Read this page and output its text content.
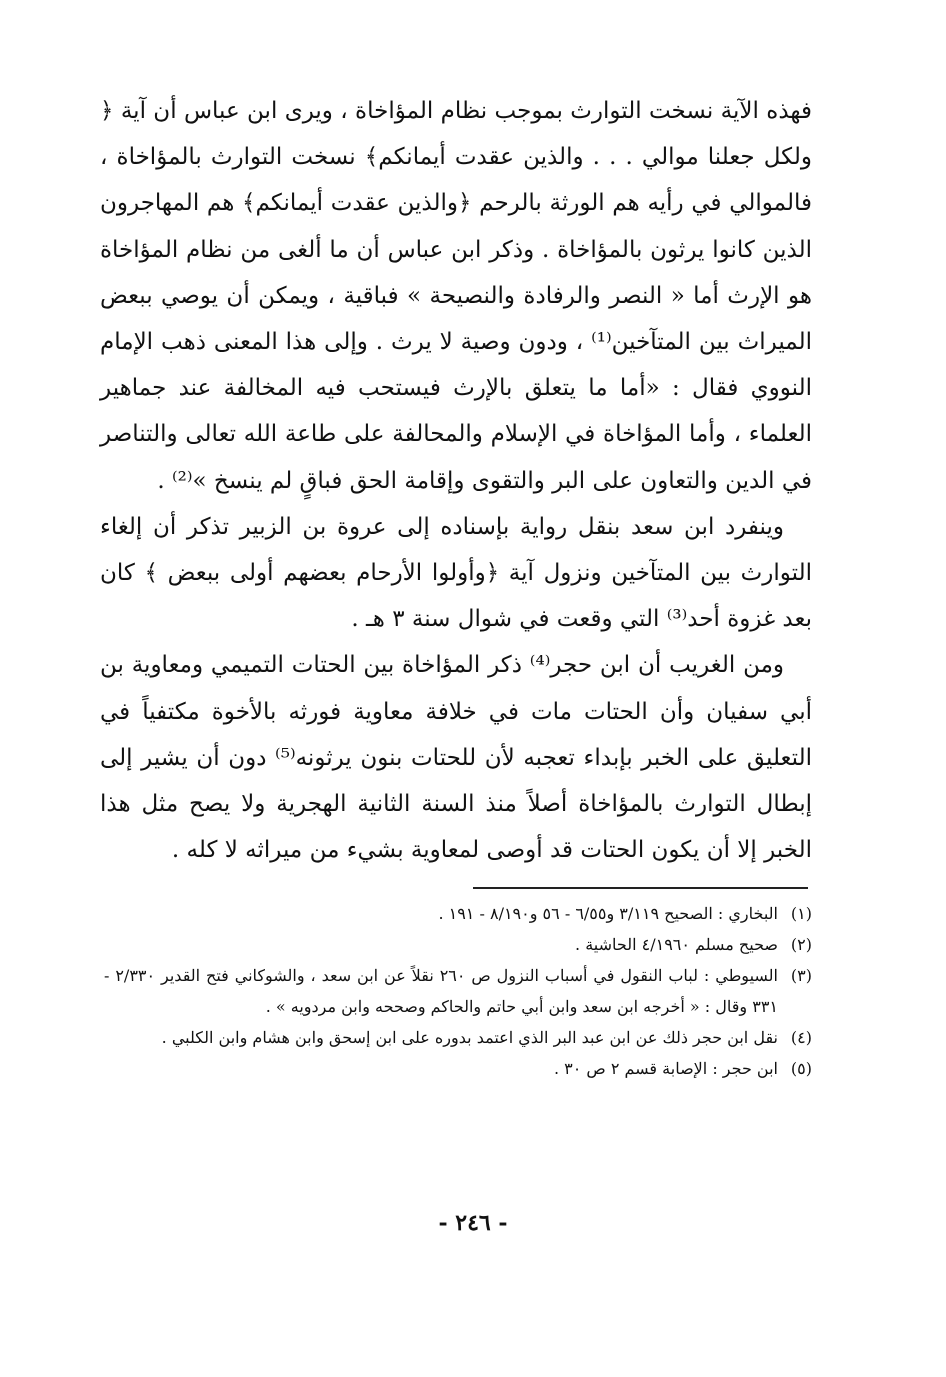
فهذه الآية نسخت التوارث بموجب نظام المؤاخاة ، ويرى ابن عباس أن آية ﴿ ولكل جعلنا موالي . . . والذين عقدت أيمانكم﴾ نسخت التوارث بالمؤاخاة ، فالموالي في رأيه هم الورثة بالرحم ﴿والذين عقدت أيمانكم﴾ هم المهاجرون الذين كانوا يرثون بالمؤاخاة . وذكر ابن عباس أن ما ألغى من نظام المؤاخاة هو الإرث أما « النصر والرفادة والنصيحة » فباقية ، ويمكن أن يوصي ببعض الميراث بين المتآخين⁽¹⁾ ، ودون وصية لا يرث . وإلى هذا المعنى ذهب الإمام النووي فقال : «أما ما يتعلق بالإرث فيستحب فيه المخالفة عند جماهير العلماء ، وأما المؤاخاة في الإسلام والمحالفة على طاعة الله تعالى والتناصر في الدين والتعاون على البر والتقوى وإقامة الحق فباقٍ لم ينسخ »⁽²⁾ .

وينفرد ابن سعد بنقل رواية بإسناده إلى عروة بن الزبير تذكر أن إلغاء التوارث بين المتآخين ونزول آية ﴿وأولوا الأرحام بعضهم أولى ببعض ﴾ كان بعد غزوة أحد⁽³⁾ التي وقعت في شوال سنة ٣ هـ .

ومن الغريب أن ابن حجر⁽⁴⁾ ذكر المؤاخاة بين الحتات التميمي ومعاوية بن أبي سفيان وأن الحتات مات في خلافة معاوية فورثه بالأخوة مكتفياً في التعليق على الخبر بإبداء تعجبه لأن للحتات بنون يرثونه⁽⁵⁾ دون أن يشير إلى إبطال التوارث بالمؤاخاة أصلاً منذ السنة الثانية الهجرية ولا يصح مثل هذا الخبر إلا أن يكون الحتات قد أوصى لمعاوية بشيء من ميراثه لا كله .

(١)
البخاري : الصحيح ٣/١١٩ و٦/٥٥ - ٥٦ و٨/١٩٠ - ١٩١ .
(٢)
صحيح مسلم ٤/١٩٦٠ الحاشية .
(٣)
السيوطي : لباب النقول في أسباب النزول ص ٢٦٠ نقلاً عن ابن سعد ، والشوكاني فتح القدير ٢/٣٣٠ - ٣٣١ وقال : « أخرجه ابن سعد وابن أبي حاتم والحاكم وصححه وابن مردويه » .
(٤)
نقل ابن حجر ذلك عن ابن عبد البر الذي اعتمد بدوره على ابن إسحق وابن هشام وابن الكلبي .
(٥)
ابن حجر : الإصابة قسم ٢ ص ٣٠ .
- ٢٤٦ -
